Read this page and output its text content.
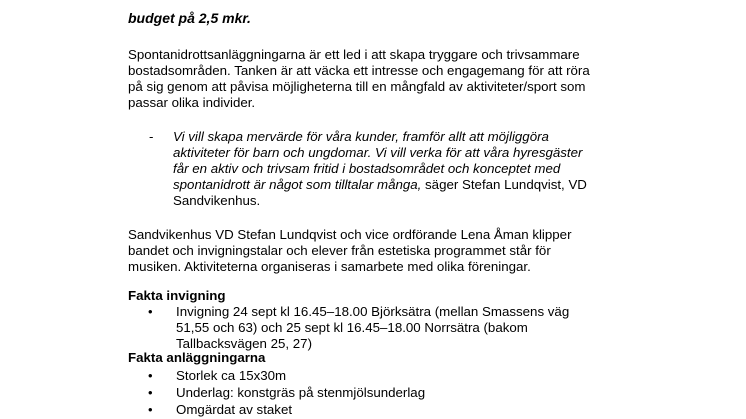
budget på 2,5 mkr.
Spontanidrottsanläggningarna är ett led i att skapa tryggare och trivsammare
bostadsområden. Tanken är att väcka ett intresse och engagemang för att röra
på sig genom att påvisa möjligheterna till en mångfald av aktiviteter/sport som
passar olika individer.
- Vi vill skapa mervärde för våra kunder, framför allt att möjliggöra
aktiviteter för barn och ungdomar. Vi vill verka för att våra hyresgäster
får en aktiv och trivsam fritid i bostadsområdet och konceptet med
spontanidrott är något som tilltalar många, säger Stefan Lundqvist, VD
Sandvikenhus.
Sandvikenhus VD Stefan Lundqvist och vice ordförande Lena Åman klipper
bandet och invigningstalar och elever från estetiska programmet står för
musiken. Aktiviteterna organiseras i samarbete med olika föreningar.
Fakta invigning
• Invigning 24 sept kl 16.45–18.00 Björksätra (mellan Smassens väg
51,55 och 63) och 25 sept kl 16.45–18.00 Norrsätra (bakom
Tallbacksvägen 25, 27)
Fakta anläggningarna
• Storlek ca 15x30m
• Underlag: konstgräs på stenmjölsunderlag
• Omgärdat av staket
